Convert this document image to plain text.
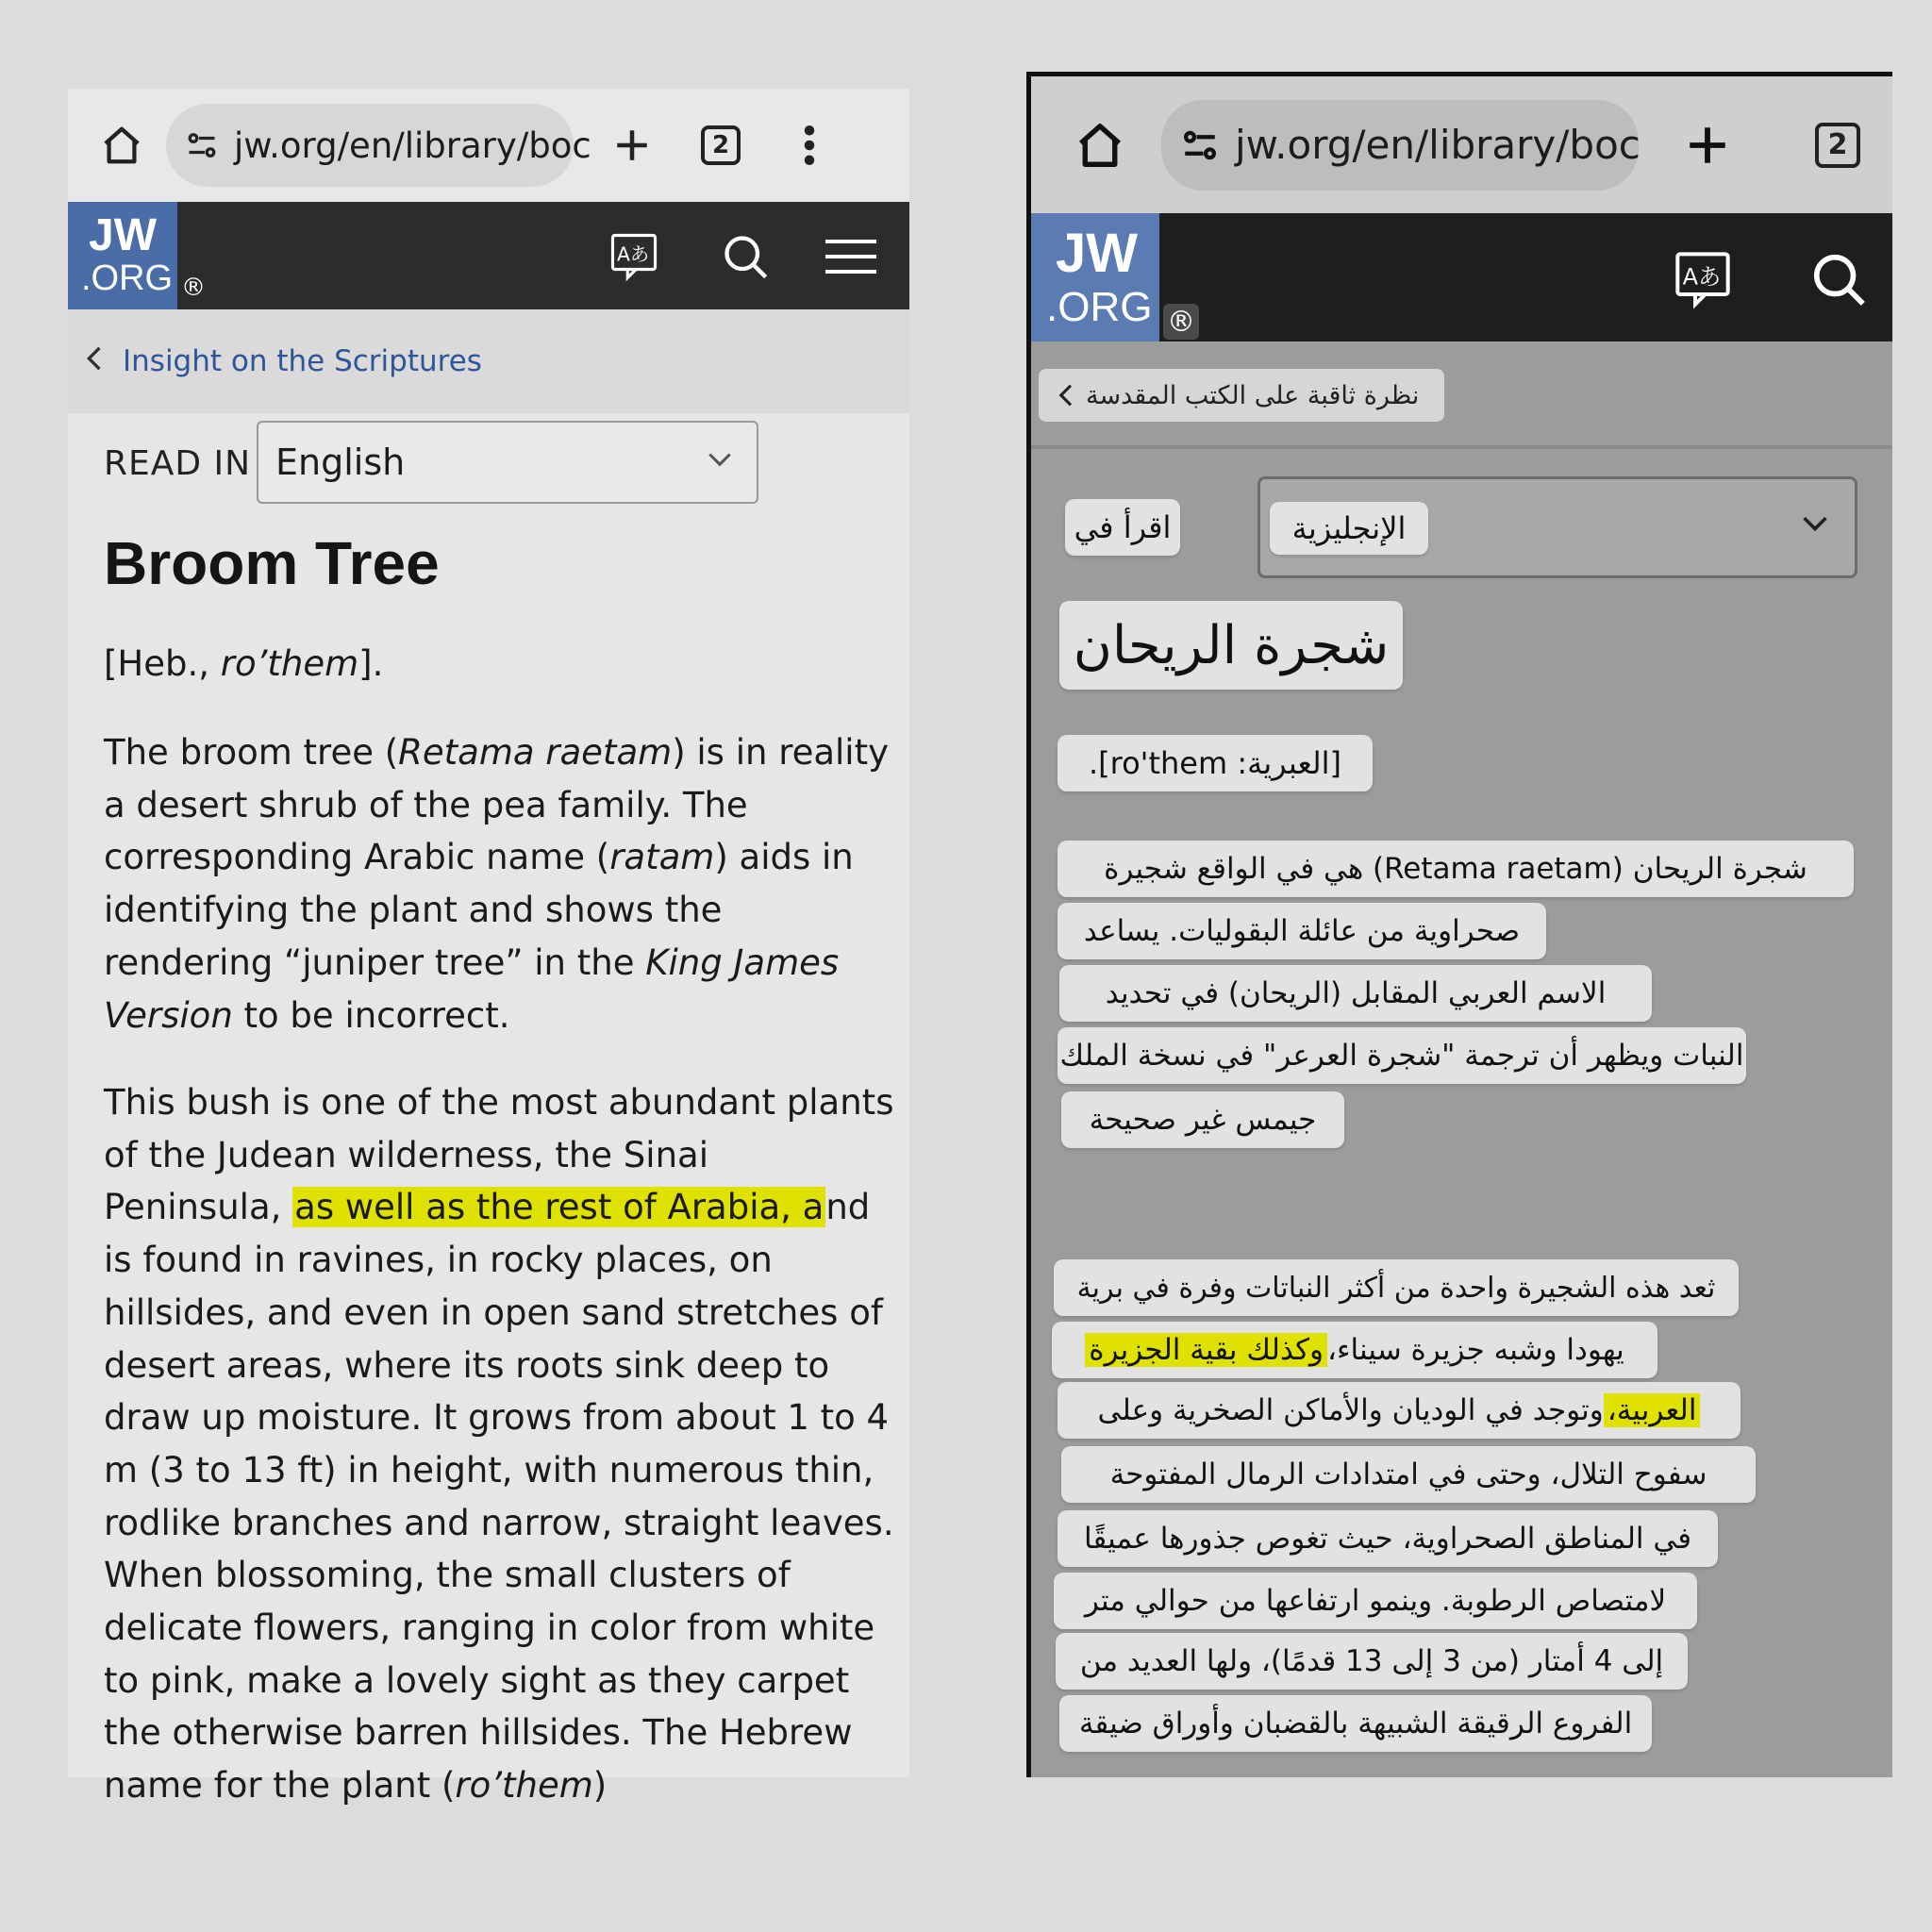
jw.org/en/library/boc	2
JW
.ORG ®
Aあ
Insight on the Scriptures
READ IN English
Broom Tree
[Heb., ro’them].
The broom tree (Retama raetam) is in reality a desert shrub of the pea family. The corresponding Arabic name (ratam) aids in identifying the plant and shows the rendering “juniper tree” in the King James Version to be incorrect.
This bush is one of the most abundant plants of the Judean wilderness, the Sinai Peninsula, as well as the rest of Arabia, and is found in ravines, in rocky places, on hillsides, and even in open sand stretches of desert areas, where its roots sink deep to draw up moisture. It grows from about 1 to 4 m (3 to 13 ft) in height, with numerous thin, rodlike branches and narrow, straight leaves. When blossoming, the small clusters of delicate flowers, ranging in color from white to pink, make a lovely sight as they carpet the otherwise barren hillsides. The Hebrew name for the plant (ro’them)
jw.org/en/library/boc	2
JW
.ORG ®
Aあ
نظرة ثاقبة على الكتب المقدسة
اقرأ في	الإنجليزية
شجرة الريحان
.[ro'them :العبرية]
شجرة الريحان (Retama raetam) هي في الواقع شجيرة
صحراوية من عائلة البقوليات. يساعد
الاسم العربي المقابل (الريحان) في تحديد
النبات ويظهر أن ترجمة "شجرة العرعر" في نسخة الملك
جيمس غير صحيحة
ثعد هذه الشجيرة واحدة من أكثر النباتات وفرة في برية
يهودا وشبه جزيرة سيناء،
وكذلك بقية الجزيرة
العربية،
وتوجد في الوديان والأماكن الصخرية وعلى
سفوح التلال، وحتى في امتدادات الرمال المفتوحة
في المناطق الصحراوية، حيث تغوص جذورها عميقًا
لامتصاص الرطوبة. وينمو ارتفاعها من حوالي متر
إلى 4 أمتار (من 3 إلى 13 قدمًا)، ولها العديد من
الفروع الرقيقة الشبيهة بالقضبان وأوراق ضيقة
